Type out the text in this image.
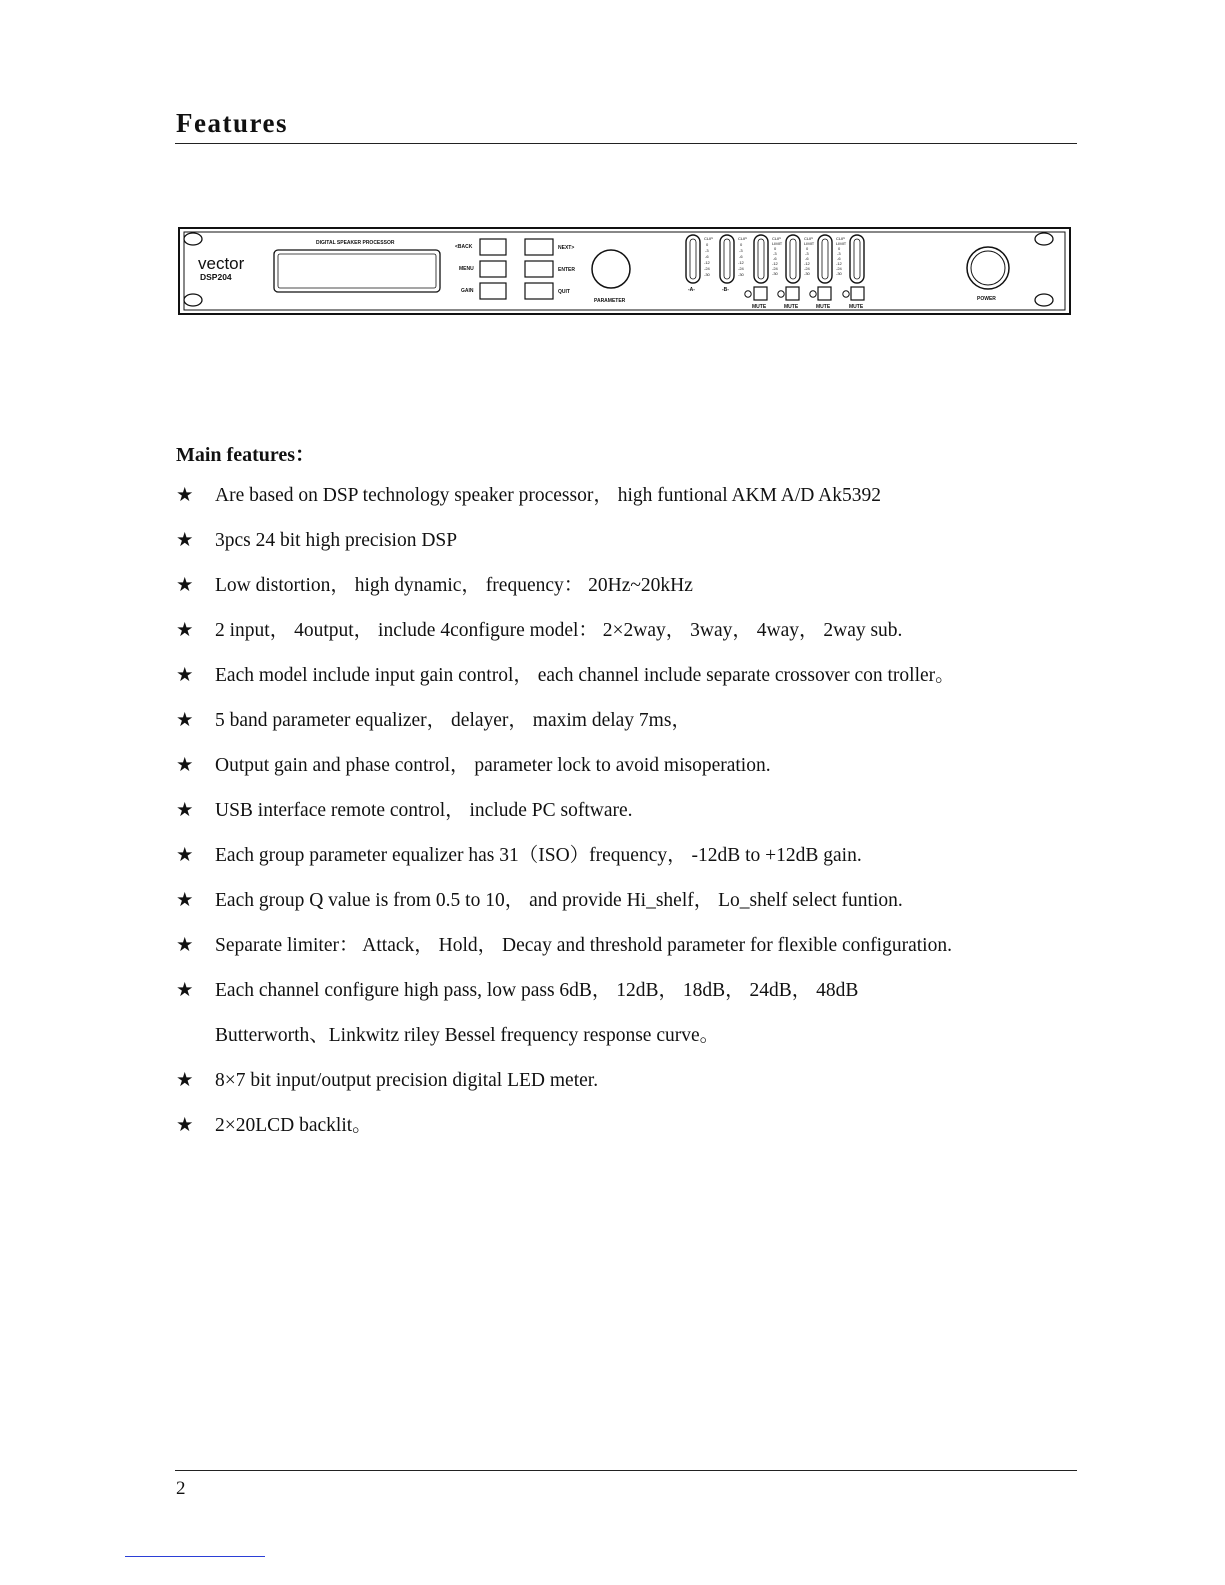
Features
vector
DSP204
DIGITAL SPEAKER PROCESSOR
<BACK
MENU
GAIN
NEXT>
ENTER
QUIT
PARAMETER
CLIP
0
-3
-6
-12
-24
-30
CLIP
0
-3
-6
-12
-24
-30
-A-	-B-
CLIP
LIMIT
0
-3
-6
-12
-24
-30
MUTE
CLIP
LIMIT
0
-3
-6
-12
-24
-30
MUTE
CLIP
LIMIT
0
-3
-6
-12
-24
-30
MUTE	MUTE
POWER
Main features：
★ Are based on DSP technology speaker processor， high funtional AKM A/D Ak5392
★ 3pcs 24 bit high precision DSP
★ Low distortion， high dynamic， frequency： 20Hz~20kHz
★ 2 input， 4output， include 4configure model： 2×2way， 3way， 4way， 2way sub.
★ Each model include input gain control， each channel include separate crossover con troller。
★ 5 band parameter equalizer， delayer， maxim delay 7ms，
★ Output gain and phase control， parameter lock to avoid misoperation.
★ USB interface remote control， include PC software.
★ Each group parameter equalizer has 31（ISO）frequency， -12dB to +12dB gain.
★ Each group Q value is from 0.5 to 10， and provide Hi_shelf， Lo_shelf select funtion.
★ Separate limiter： Attack， Hold， Decay and threshold parameter for flexible configuration.
★ Each channel configure high pass, low pass 6dB， 12dB， 18dB， 24dB， 48dB
Butterworth、Linkwitz riley Bessel frequency response curve。
★ 8×7 bit input/output precision digital LED meter.
★ 2×20LCD backlit。
2
